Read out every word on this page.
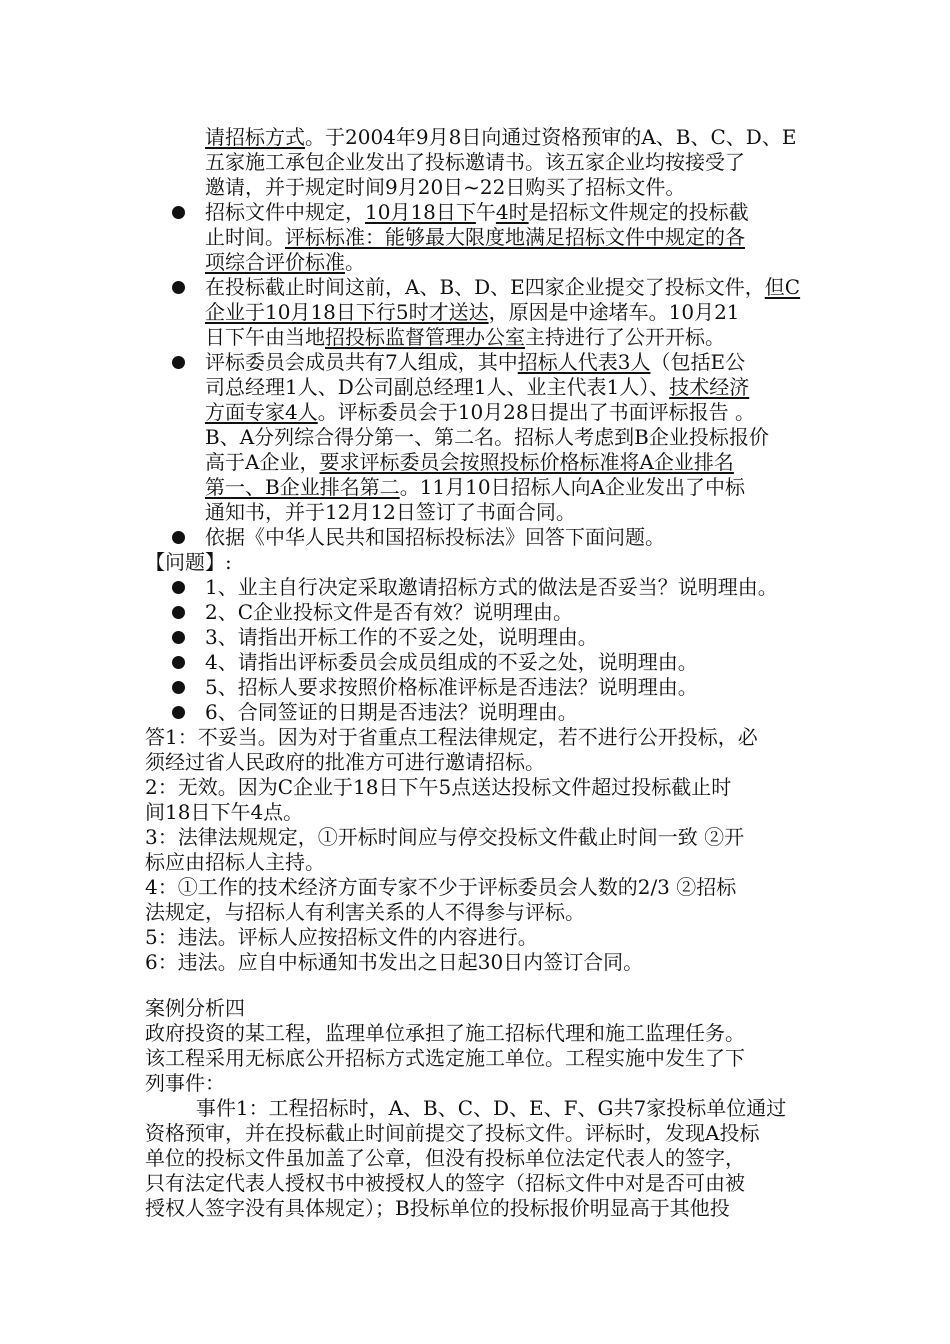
请招标方式。于2004年9月8日向通过资格预审的A、B、C、D、E

五家施工承包企业发出了投标邀请书。该五家企业均按接受了

邀请，并于规定时间9月20日~22日购买了招标文件。

招标文件中规定，10月18日下午4时是招标文件规定的投标截

止时间。评标标准：能够最大限度地满足招标文件中规定的各

项综合评价标准。

在投标截止时间这前，A、B、D、E四家企业提交了投标文件，但C

企业于10月18日下行5时才送达，原因是中途堵车。10月21

日下午由当地招投标监督管理办公室主持进行了公开开标。

评标委员会成员共有7人组成，其中招标人代表3人（包括E公

司总经理1人、D公司副总经理1人、业主代表1人）、技术经济

方面专家4人。评标委员会于10月28日提出了书面评标报告 。

B、A分列综合得分第一、第二名。招标人考虑到B企业投标报价

高于A企业，要求评标委员会按照投标价格标准将A企业排名

第一、B企业排名第二。11月10日招标人向A企业发出了中标

通知书，并于12月12日签订了书面合同。

依据《中华人民共和国招标投标法》回答下面问题。

【问题】:

1、业主自行决定采取邀请招标方式的做法是否妥当？说明理由。

2、C企业投标文件是否有效？说明理由。

3、请指出开标工作的不妥之处，说明理由。

4、请指出评标委员会成员组成的不妥之处，说明理由。

5、招标人要求按照价格标准评标是否违法？说明理由。

6、合同签证的日期是否违法？说明理由。

答1：不妥当。因为对于省重点工程法律规定，若不进行公开投标，必

须经过省人民政府的批准方可进行邀请招标。

2：无效。因为C企业于18日下午5点送达投标文件超过投标截止时

间18日下午4点。

3：法律法规规定，①开标时间应与停交投标文件截止时间一致 ②开

标应由招标人主持。

4：①工作的技术经济方面专家不少于评标委员会人数的2/3 ②招标

法规定，与招标人有利害关系的人不得参与评标。

5：违法。评标人应按招标文件的内容进行。

6：违法。应自中标通知书发出之日起30日内签订合同。

案例分析四

政府投资的某工程，监理单位承担了施工招标代理和施工监理任务。

该工程采用无标底公开招标方式选定施工单位。工程实施中发生了下

列事件：

事件1：工程招标时，A、B、C、D、E、F、G共7家投标单位通过

资格预审，并在投标截止时间前提交了投标文件。评标时，发现A投标

单位的投标文件虽加盖了公章，但没有投标单位法定代表人的签字，

只有法定代表人授权书中被授权人的签字（招标文件中对是否可由被

授权人签字没有具体规定）；B投标单位的投标报价明显高于其他投
